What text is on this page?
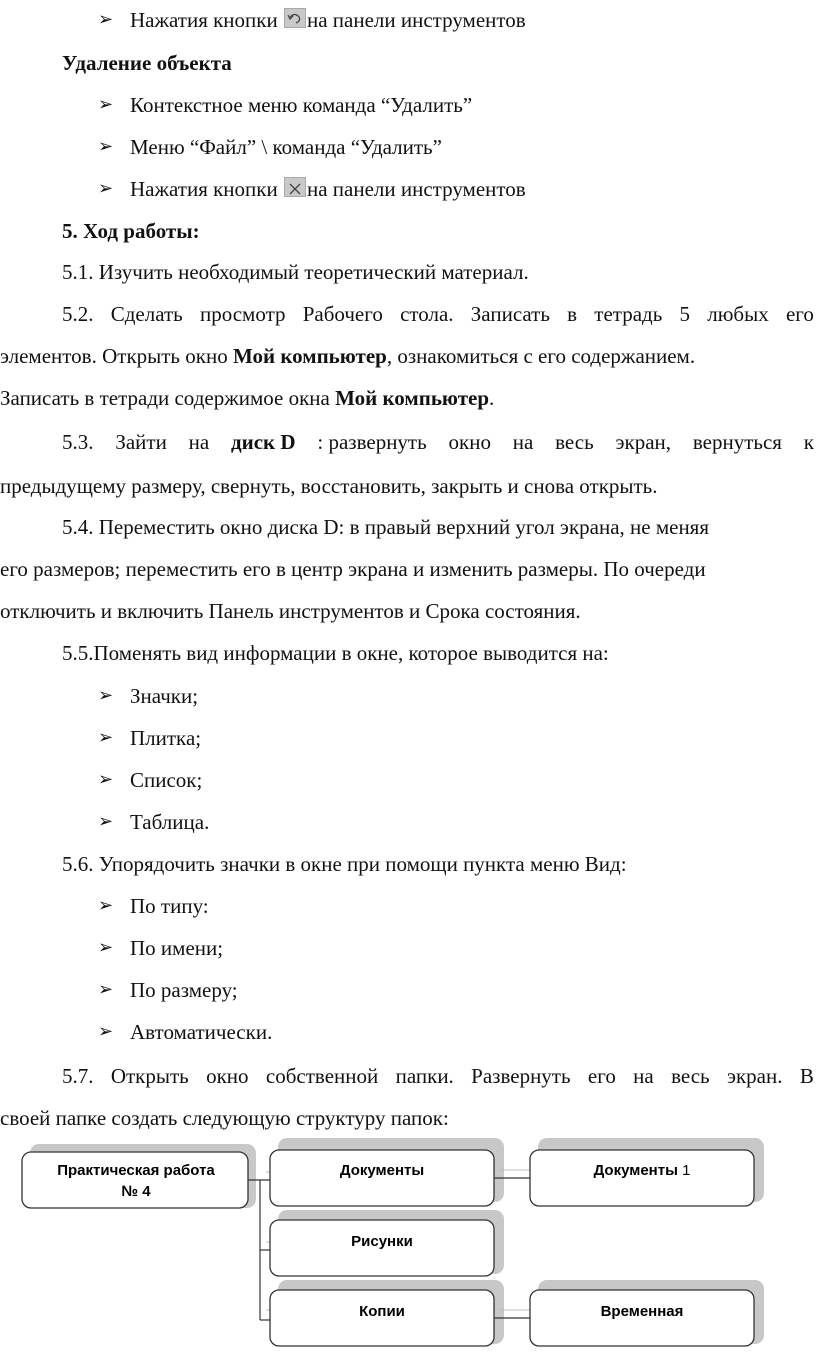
➢ Нажатия кнопки на панели инструментов
Удаление объекта
➢ Контекстное меню команда “Удалить”
➢ Меню “Файл” \ команда “Удалить”
➢ Нажатия кнопки на панели инструментов
5. Ход работы:
5.1. Изучить необходимый теоретический материал.
5.2. Сделать просмотр Рабочего стола. Записать в тетрадь 5 любых его
элементов. Открыть окно Мой компьютер, ознакомиться с его содержанием.
Записать в тетради содержимое окна Мой компьютер.
5.3. Зайти на диск D : развернуть окно на весь экран, вернуться к
предыдущему размеру, свернуть, восстановить, закрыть и снова открыть.
5.4. Переместить окно диска D: в правый верхний угол экрана, не меняя
его размеров; переместить его в центр экрана и изменить размеры. По очереди
отключить и включить Панель инструментов и Срока состояния.
5.5.Поменять вид информации в окне, которое выводится на:
➢ Значки;
➢ Плитка;
➢ Список;
➢ Таблица.
5.6. Упорядочить значки в окне при помощи пункта меню Вид:
➢ По типу:
➢ По имени;
➢ По размеру;
➢ Автоматически.
5.7. Открыть окно собственной папки. Развернуть его на весь экран. В
своей папке создать следующую структуру папок:
Практическая работа
№ 4
Документы
Рисунки
Копии
Документы 1
Временная
